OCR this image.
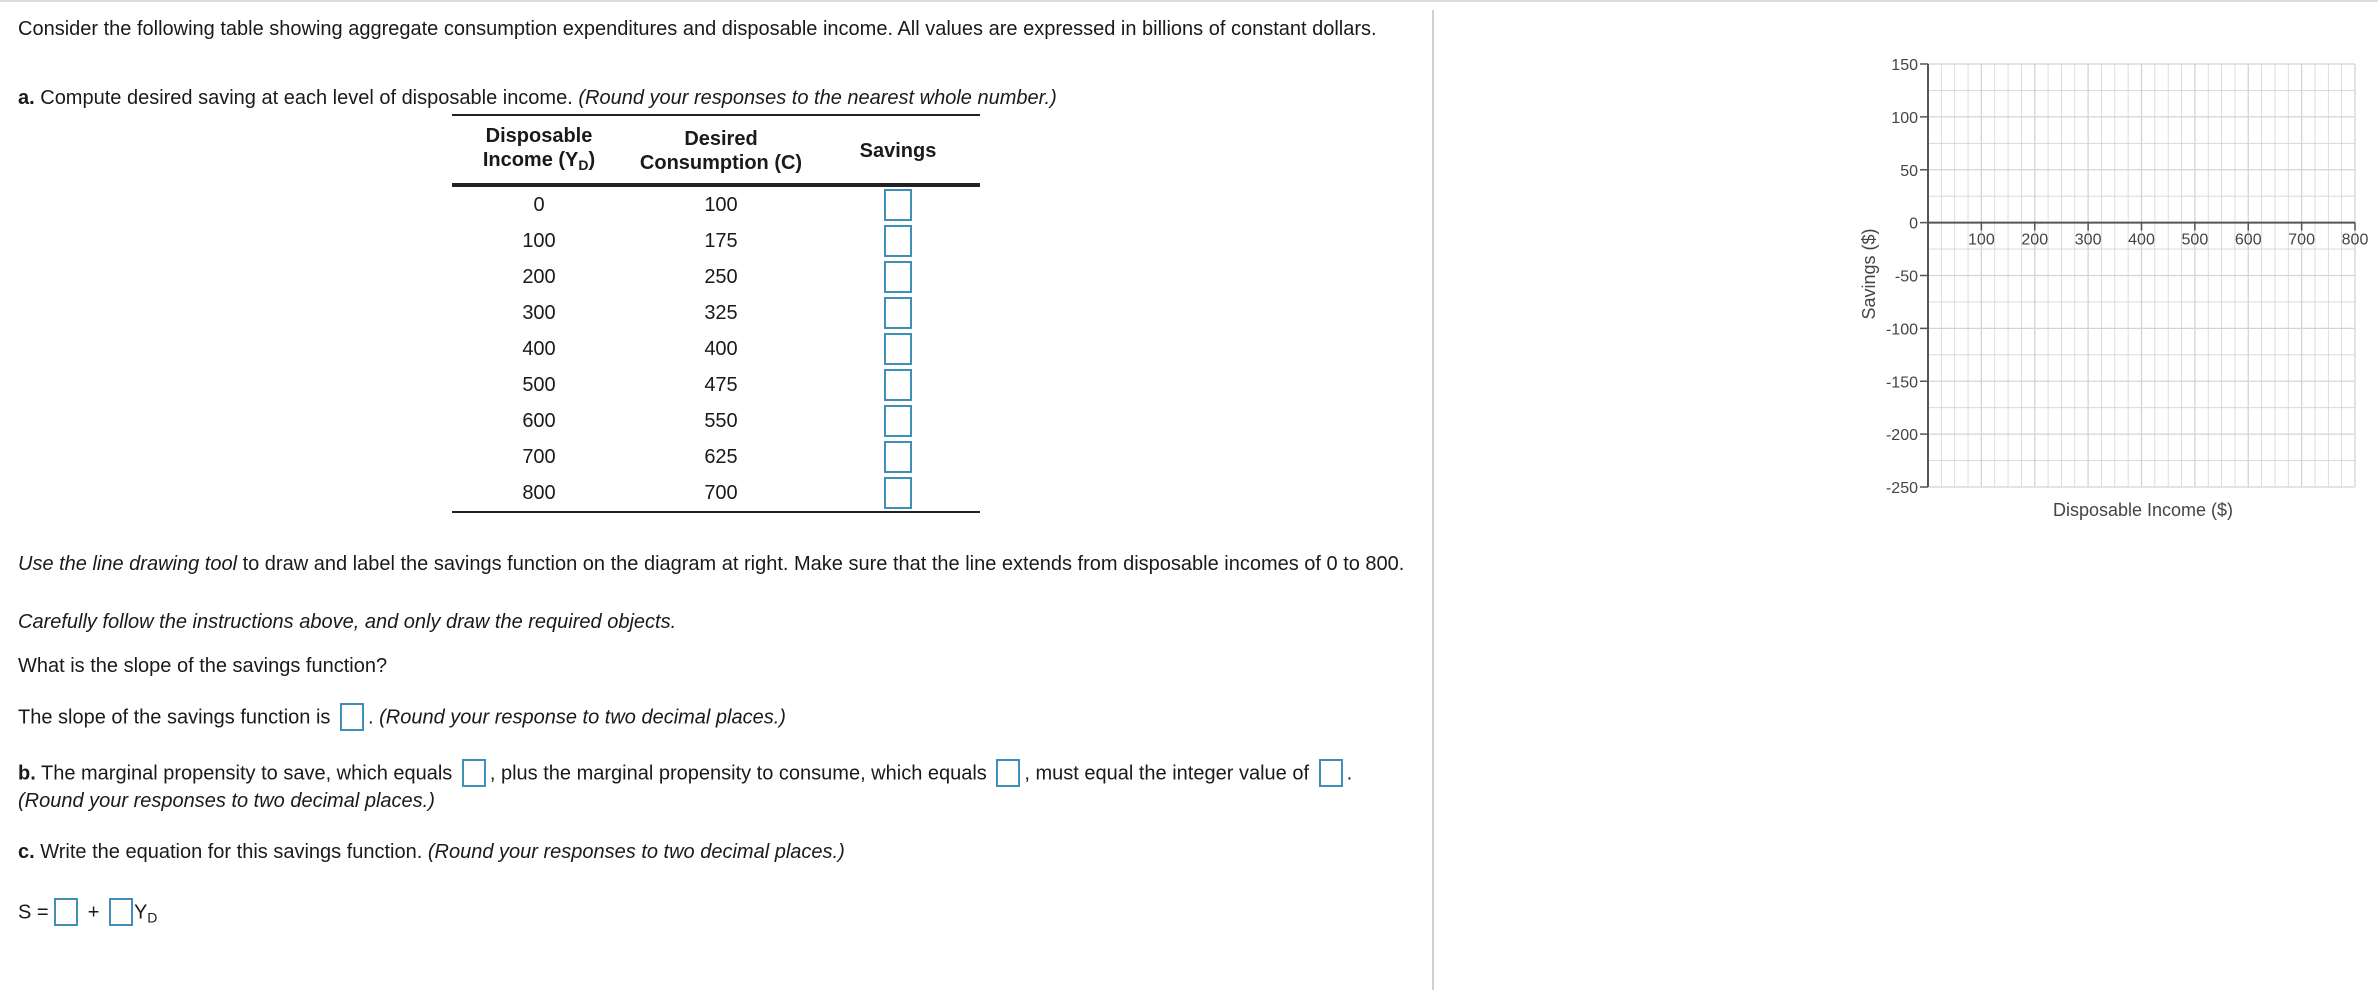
Consider the following table showing aggregate consumption expenditures and disposable income. All values are expressed in billions of constant dollars.

a. Compute desired saving at each level of disposable income. (Round your responses to the nearest whole number.)

Use the line drawing tool to draw and label the savings function on the diagram at right. Make sure that the line extends from disposable incomes of 0 to 800.

Carefully follow the instructions above, and only draw the required objects.

What is the slope of the savings function?

The slope of the savings function is . (Round your response to two decimal places.)

b. The marginal propensity to save, which equals , plus the marginal propensity to consume, which equals , must equal the integer value of .
(Round your responses to two decimal places.)

c. Write the equation for this savings function. (Round your responses to two decimal places.)

S =  + $Y_D$

Disposable
Income $(Y_D)$	Desired
Consumption (C)	Savings
0	100	

100	175	

200	250	

300	325	

400	400	

500	475	

600	550	

700	625	

800	700	
150
100
50
0
-50
-100
-150
-200
-250
100 200 300 400 500 600 700 800
Savings ($)
Disposable Income ($)
